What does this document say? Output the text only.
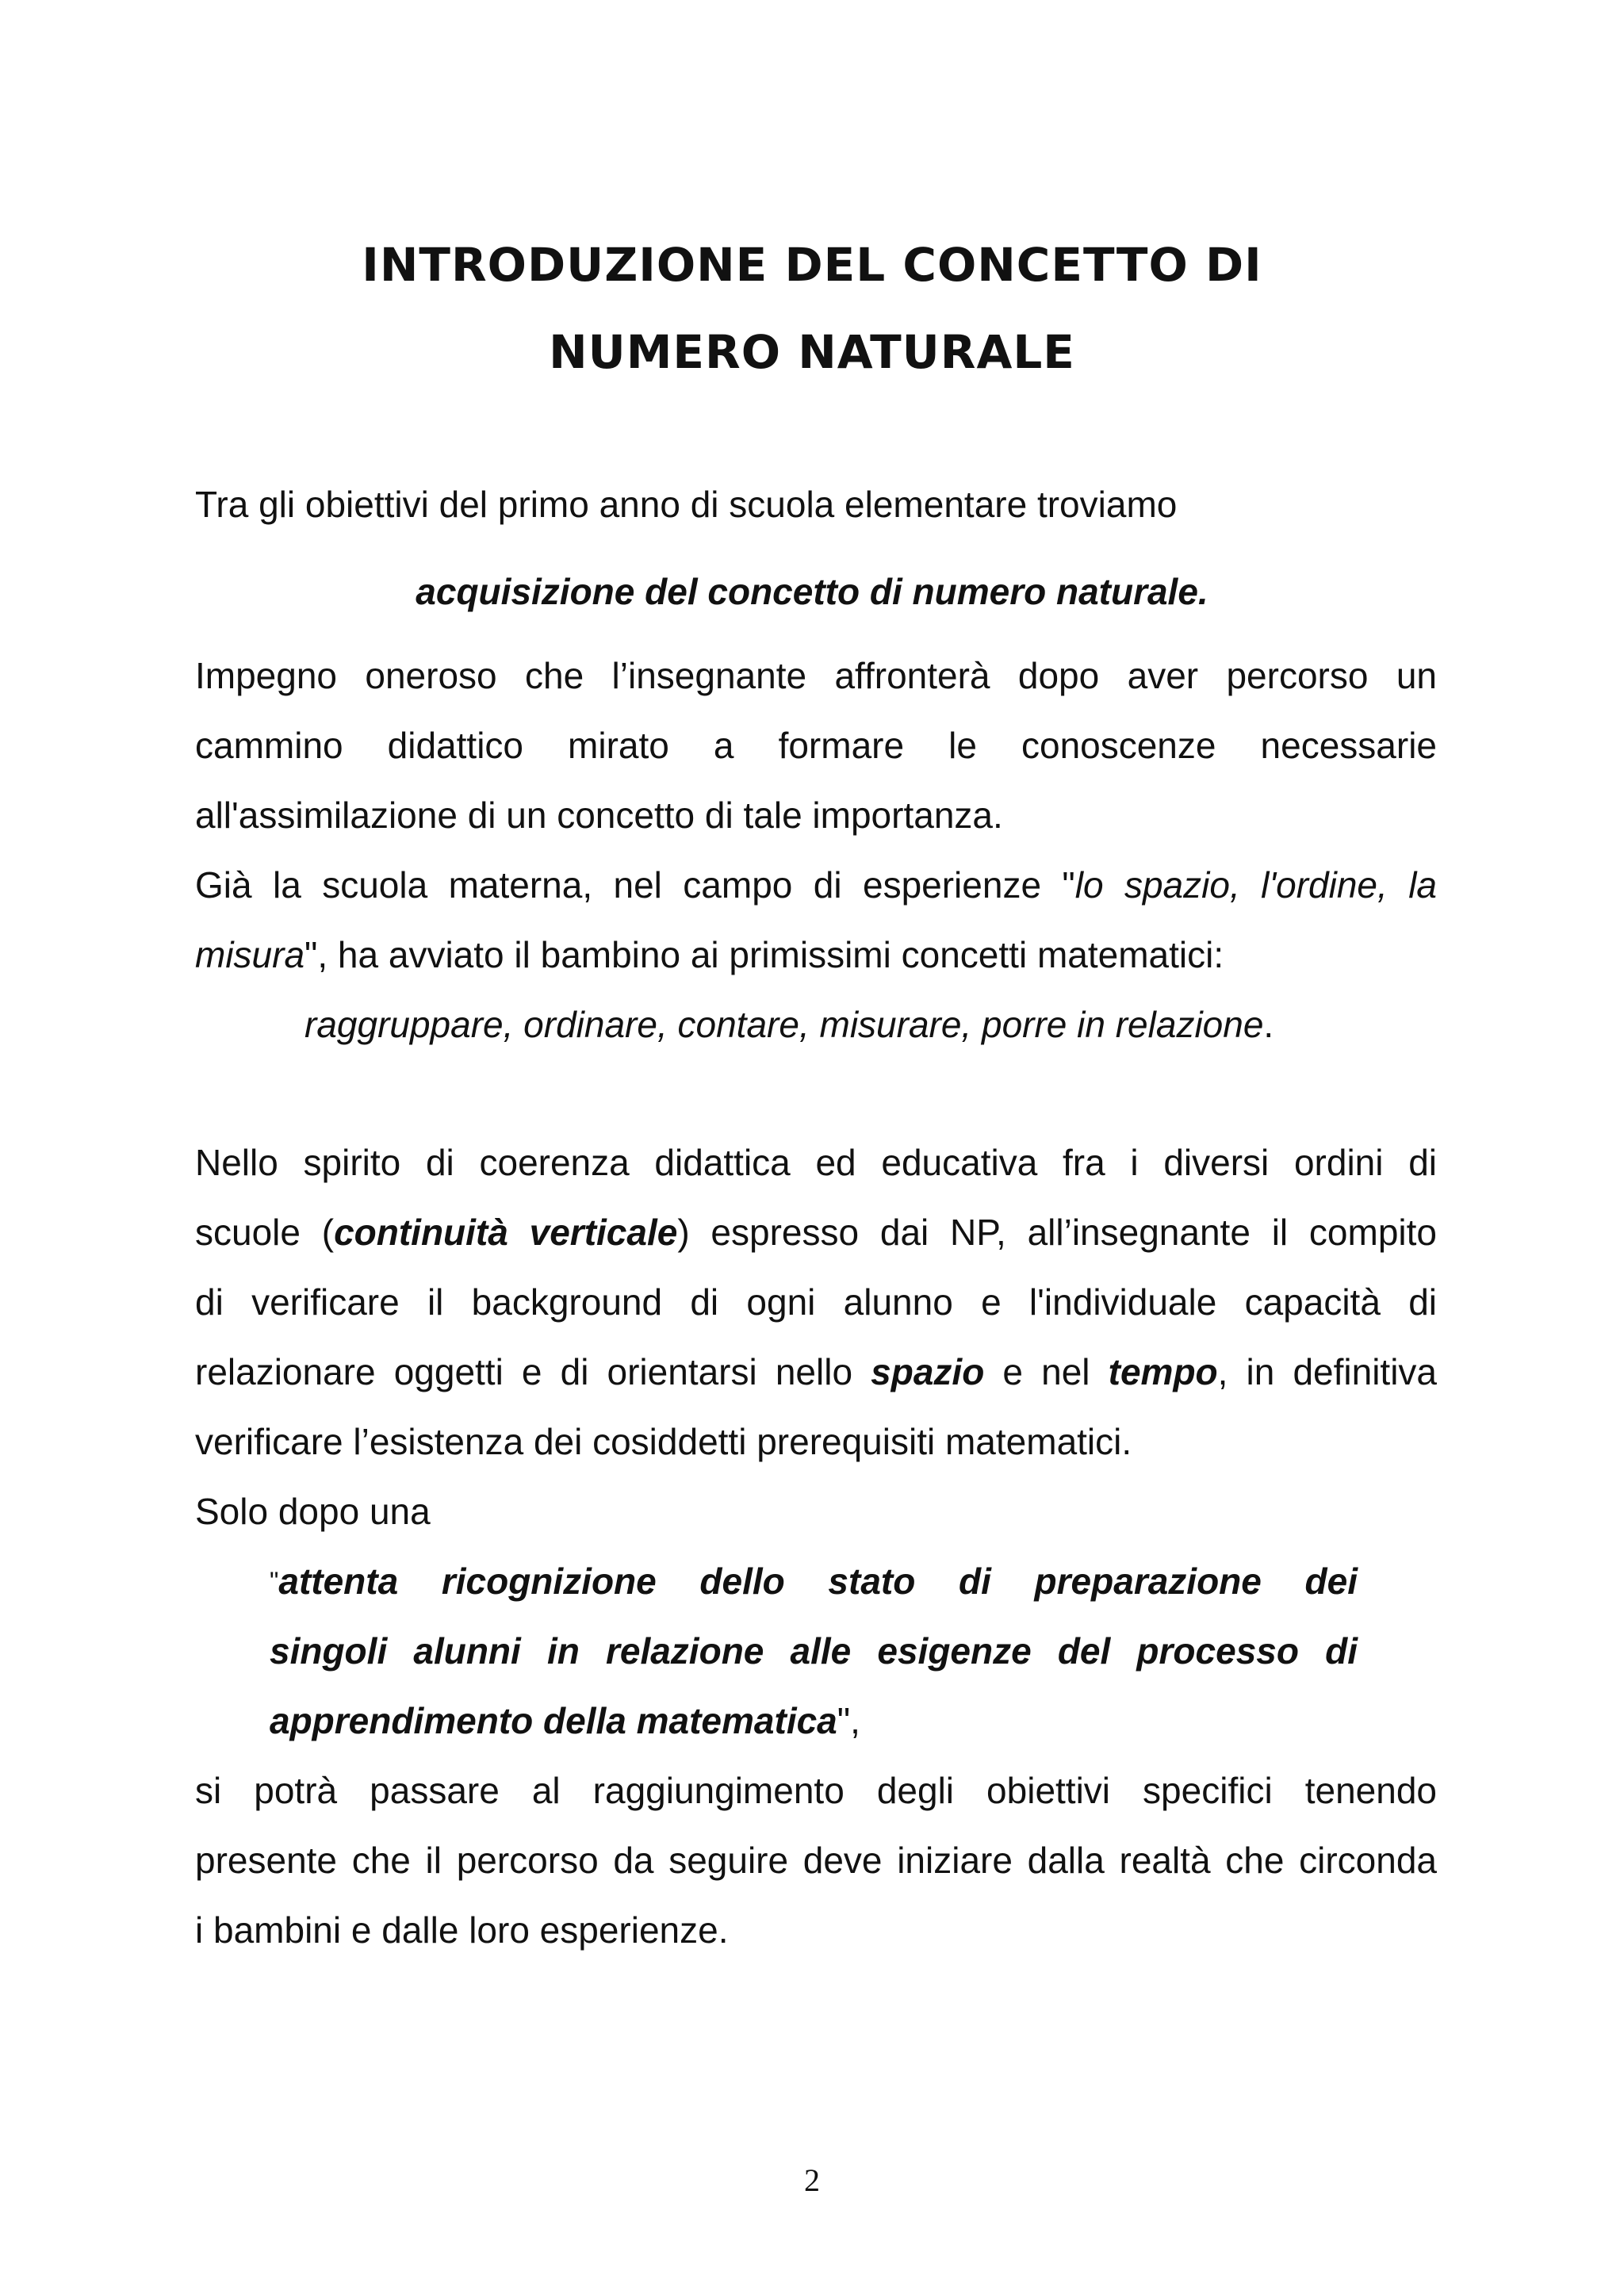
INTRODUZIONE DEL CONCETTO DI
NUMERO NATURALE
Tra gli obiettivi del primo anno di scuola elementare troviamo
acquisizione del concetto di numero naturale.
Impegno oneroso che l’insegnante affronterà dopo aver percorso un
cammino didattico mirato a formare le conoscenze necessarie
all'assimilazione di un concetto di tale importanza.
Già la scuola materna, nel campo di esperienze "lo spazio, l'ordine, la
misura", ha avviato il bambino ai primissimi concetti matematici:
raggruppare, ordinare, contare, misurare, porre in relazione.
Nello spirito di coerenza didattica ed educativa fra i diversi ordini di
scuole (continuità verticale) espresso dai NP, all’insegnante il compito
di verificare il background di ogni alunno e l'individuale capacità di
relazionare oggetti e di orientarsi nello spazio e nel tempo, in definitiva
verificare l’esistenza dei cosiddetti prerequisiti matematici.
Solo dopo una
"attenta ricognizione dello stato di preparazione dei
singoli alunni in relazione alle esigenze del processo di
apprendimento della matematica",
si potrà passare al raggiungimento degli obiettivi specifici tenendo
presente che il percorso da seguire deve iniziare dalla realtà che circonda
i bambini e dalle loro esperienze.
2
